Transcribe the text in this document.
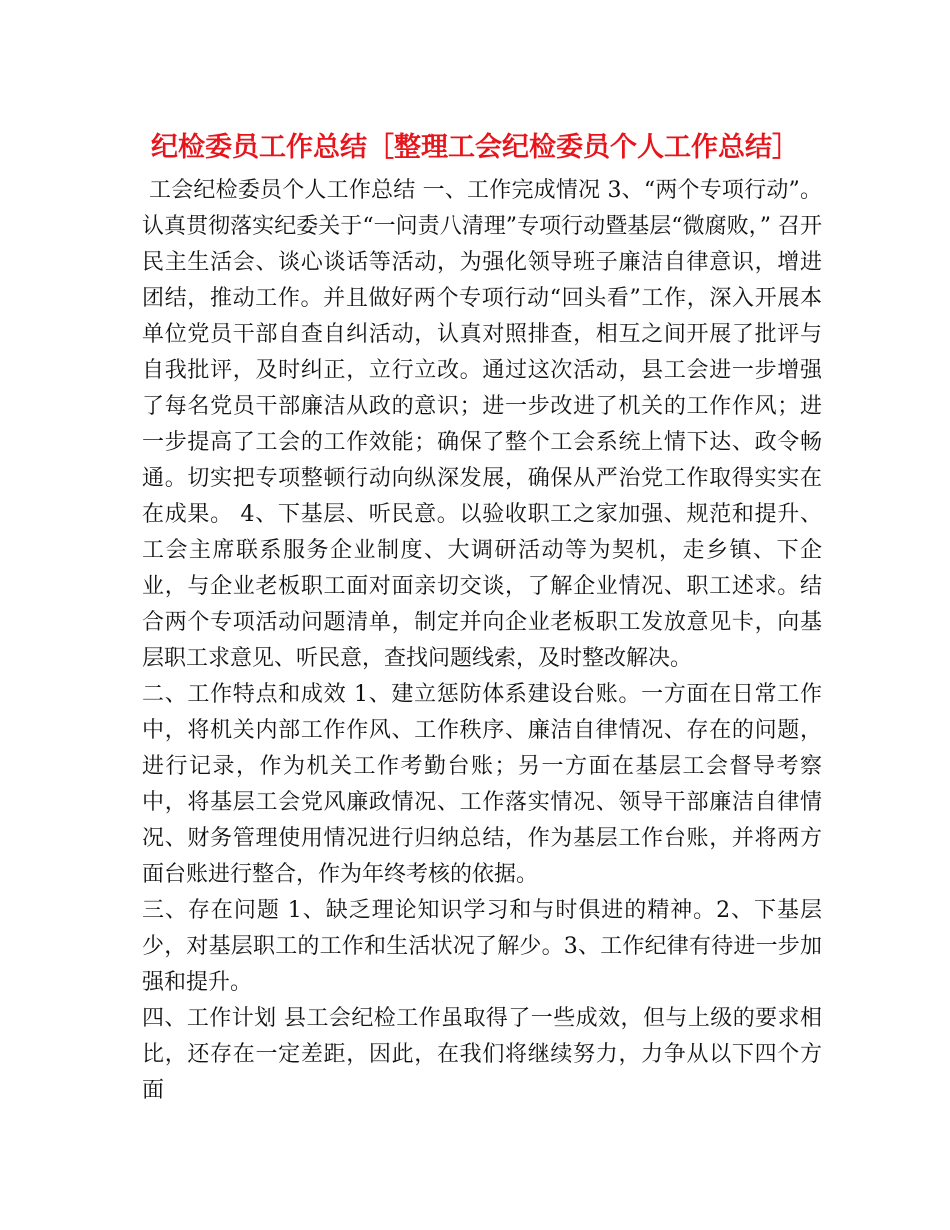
纪检委员工作总结［整理工会纪检委员个人工作总结］

工会纪检委员个人工作总结 一、工作完成情况 3、“两个专项行动”。认真贯彻落实纪委关于“一问责八清理”专项行动暨基层“微腐败，” 召开民主生活会、谈心谈话等活动，为强化领导班子廉洁自律意识，增进团结，推动工作。并且做好两个专项行动“回头看”工作，深入开展本单位党员干部自查自纠活动，认真对照排查，相互之间开展了批评与自我批评，及时纠正，立行立改。通过这次活动，县工会进一步增强了每名党员干部廉洁从政的意识；进一步改进了机关的工作作风；进一步提高了工会的工作效能；确保了整个工会系统上情下达、政令畅通。切实把专项整顿行动向纵深发展，确保从严治党工作取得实实在在成果。 4、下基层、听民意。以验收职工之家加强、规范和提升、工会主席联系服务企业制度、大调研活动等为契机，走乡镇、下企业，与企业老板职工面对面亲切交谈，了解企业情况、职工述求。结合两个专项活动问题清单，制定并向企业老板职工发放意见卡，向基层职工求意见、听民意，查找问题线索，及时整改解决。

二、工作特点和成效 1、建立惩防体系建设台账。一方面在日常工作中，将机关内部工作作风、工作秩序、廉洁自律情况、存在的问题，进行记录，作为机关工作考勤台账；另一方面在基层工会督导考察中，将基层工会党风廉政情况、工作落实情况、领导干部廉洁自律情况、财务管理使用情况进行归纳总结，作为基层工作台账，并将两方面台账进行整合，作为年终考核的依据。

三、存在问题 1、缺乏理论知识学习和与时俱进的精神。2、下基层少，对基层职工的工作和生活状况了解少。3、工作纪律有待进一步加强和提升。

四、工作计划 县工会纪检工作虽取得了一些成效，但与上级的要求相比，还存在一定差距，因此，在我们将继续努力，力争从以下四个方面
